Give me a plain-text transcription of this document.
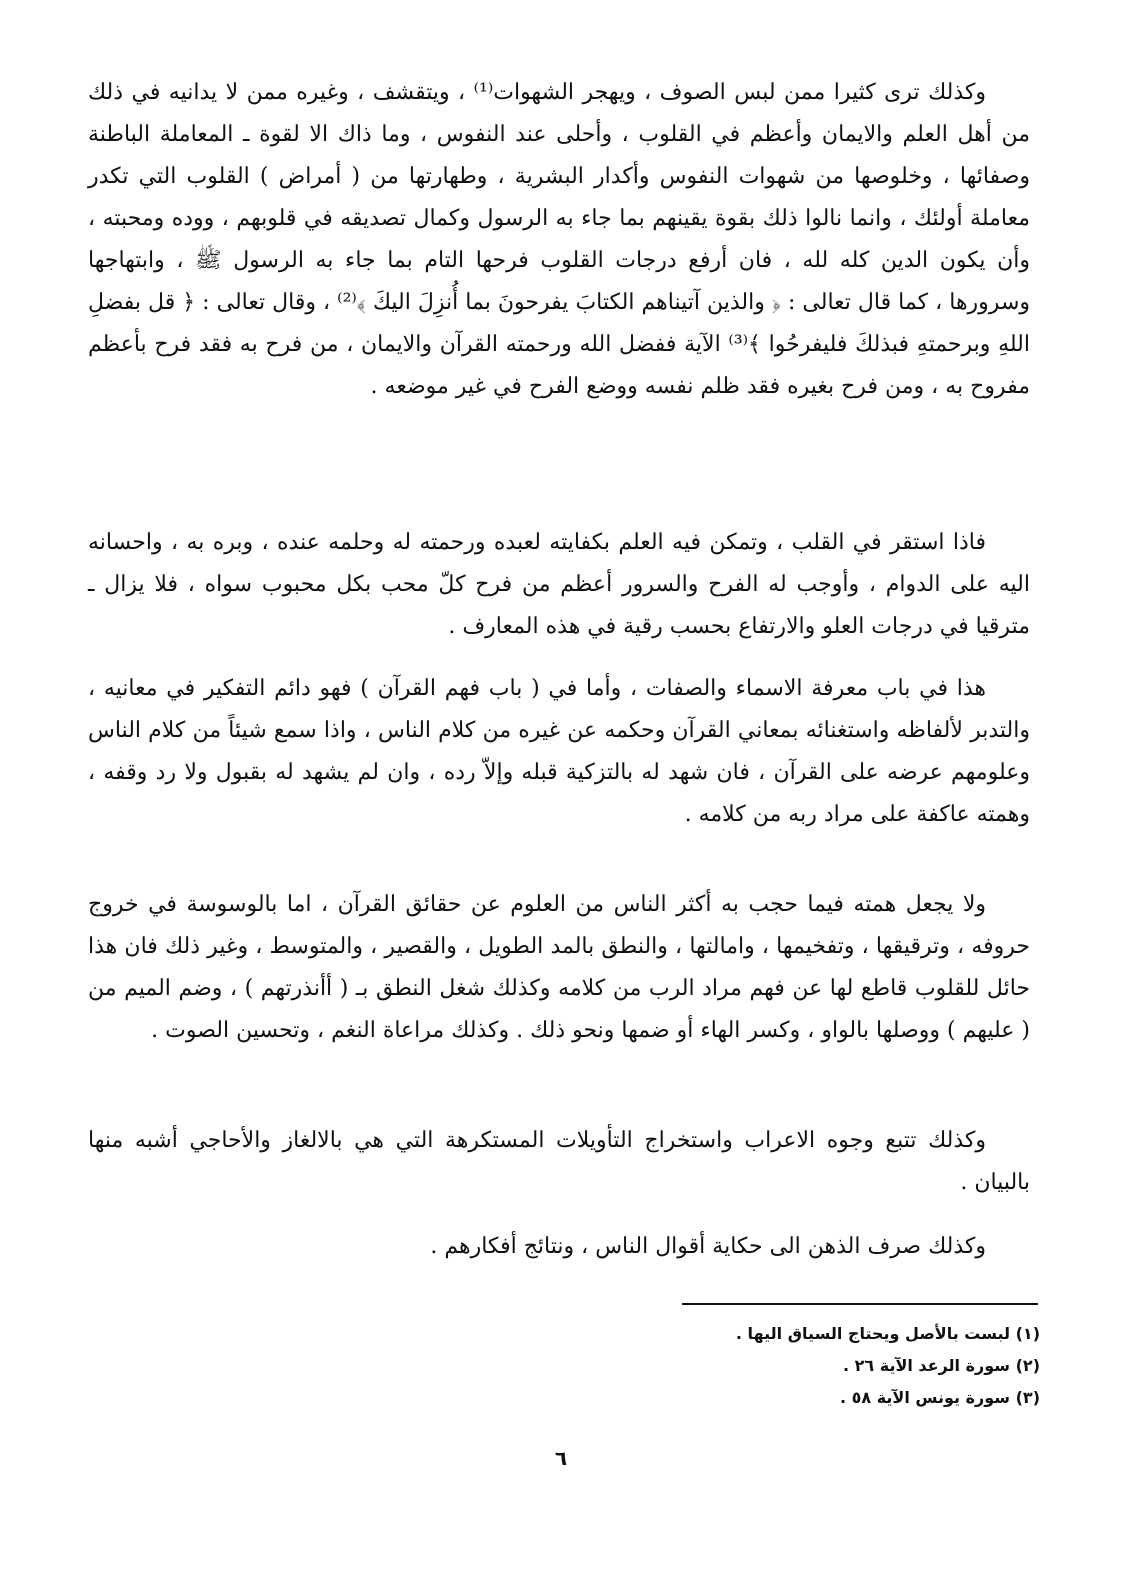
وكذلك ترى كثيرا ممن لبس الصوف ، ويهجر الشهوات⁽¹⁾ ، ويتقشف ، وغيره ممن لا يدانيه في ذلك من أهل العلم والايمان وأعظم في القلوب ، وأحلى عند النفوس ، وما ذاك الا لقوة ـ المعاملة الباطنة وصفائها ، وخلوصها من شهوات النفوس وأكدار البشرية ، وطهارتها من ( أمراض ) القلوب التي تكدر معاملة أولئك ، وانما نالوا ذلك بقوة يقينهم بما جاء به الرسول وكمال تصديقه في قلوبهم ، ووده ومحبته ، وأن يكون الدين كله لله ، فان أرفع درجات القلوب فرحها التام بما جاء به الرسول ﷺ ، وابتهاجها وسرورها ، كما قال تعالى : ﴿ والذين آتيناهم الكتابَ يفرحونَ بما أُنزِلَ اليكَ ﴾⁽²⁾ ، وقال تعالى : ﴿ قل بفضلِ اللهِ وبرحمتهِ فبذلكَ فليفرحُوا ﴾⁽³⁾ الآية ففضل الله ورحمته القرآن والايمان ، من فرح به فقد فرح بأعظم مفروح به ، ومن فرح بغيره فقد ظلم نفسه ووضع الفرح في غير موضعه .

فاذا استقر في القلب ، وتمكن فيه العلم بكفايته لعبده ورحمته له وحلمه عنده ، وبره به ، واحسانه اليه على الدوام ، وأوجب له الفرح والسرور أعظم من فرح كلّ محب بكل محبوب سواه ، فلا يزال ـ مترقيا في درجات العلو والارتفاع بحسب رقية في هذه المعارف .

هذا في باب معرفة الاسماء والصفات ، وأما في ( باب فهم القرآن ) فهو دائم التفكير في معانيه ، والتدبر لألفاظه واستغنائه بمعاني القرآن وحكمه عن غيره من كلام الناس ، واذا سمع شيئاً من كلام الناس وعلومهم عرضه على القرآن ، فان شهد له بالتزكية قبله وإلاّ رده ، وان لم يشهد له بقبول ولا رد وقفه ، وهمته عاكفة على مراد ربه من كلامه .

ولا يجعل همته فيما حجب به أكثر الناس من العلوم عن حقائق القرآن ، اما بالوسوسة في خروج حروفه ، وترقيقها ، وتفخيمها ، وامالتها ، والنطق بالمد الطويل ، والقصير ، والمتوسط ، وغير ذلك فان هذا حائل للقلوب قاطع لها عن فهم مراد الرب من كلامه وكذلك شغل النطق بـ ( أأنذرتهم ) ، وضم الميم من ( عليهم ) ووصلها بالواو ، وكسر الهاء أو ضمها ونحو ذلك . وكذلك مراعاة النغم ، وتحسين الصوت .

وكذلك تتبع وجوه الاعراب واستخراج التأويلات المستكرهة التي هي بالالغاز والأحاجي أشبه منها بالبيان .

وكذلك صرف الذهن الى حكاية أقوال الناس ، ونتائج أفكارهم .

(١) لبست بالأصل ويحتاج السياق اليها .

(٢) سورة الرعد الآية ٢٦ .

(٣) سورة يونس الآية ٥٨ .

٦
